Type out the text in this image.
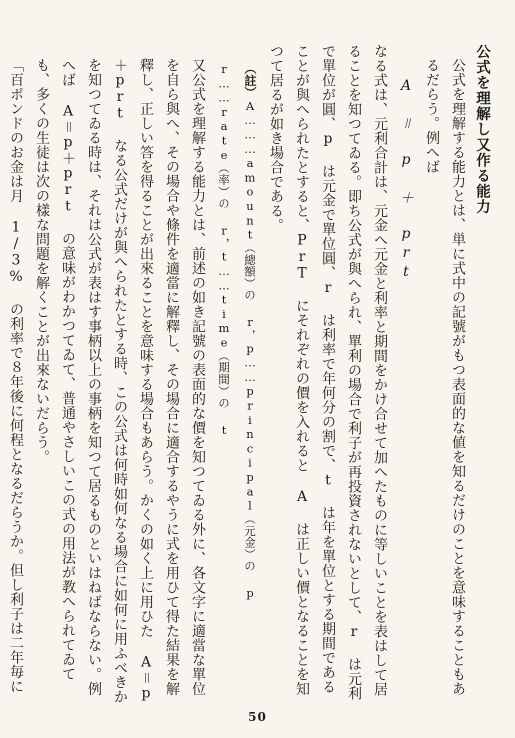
公式を理解し又作る能力

公式を理解する能力とは、単に式中の記號がもつ表面的な値を知るだけのことを意味することもあるだらう。例へば

A ＝ p ＋ prt

なる式は、元利合計は、元金へ元金と利率と期間をかけ合せて加へたものに等しいことを表はして居ることを知つてゐる。即ち公式が與へられ、單利の場合で利子が再投資されないとして、r は元利で單位が圓、p は元金で單位圓、r は利率で年何分の割で、t は年を單位とする期間であることが與へられたとすると、PrT にそれぞれの價を入れると A は正しい價となることを知つて居るが如き場合である。

（註）A………amount（總額）の r，p……principal（元金）の p

r……rate（率）の r，t……time（期間）の t

又公式を理解する能力とは、前述の如き記號の表面的な價を知つてゐる外に、各文字に適當な單位を自ら與へ、その場合や條件を適當に解釋し、その場合に適合するやうに式を用ひて得た結果を解釋し、正しい答を得ることが出來ることを意味する場合もあらう。かくの如く上に用ひた A＝p＋prt なる公式だけが與へられたとする時、この公式は何時如何なる場合に如何に用ふべきかを知つてゐる時は、それは公式が表はす事柄以上の事柄を知つて居るものといはねばならない。例へば A＝p＋prt の意味がわかつてゐて、普通やさしいこの式の用法が教へられてゐても、多くの生徒は次の樣な問題を解くことが出來ないだらう。

「百ポンドのお金は月 1/3% の利率で８年後に何程となるだらうか。但し利子は二年毎に

50
